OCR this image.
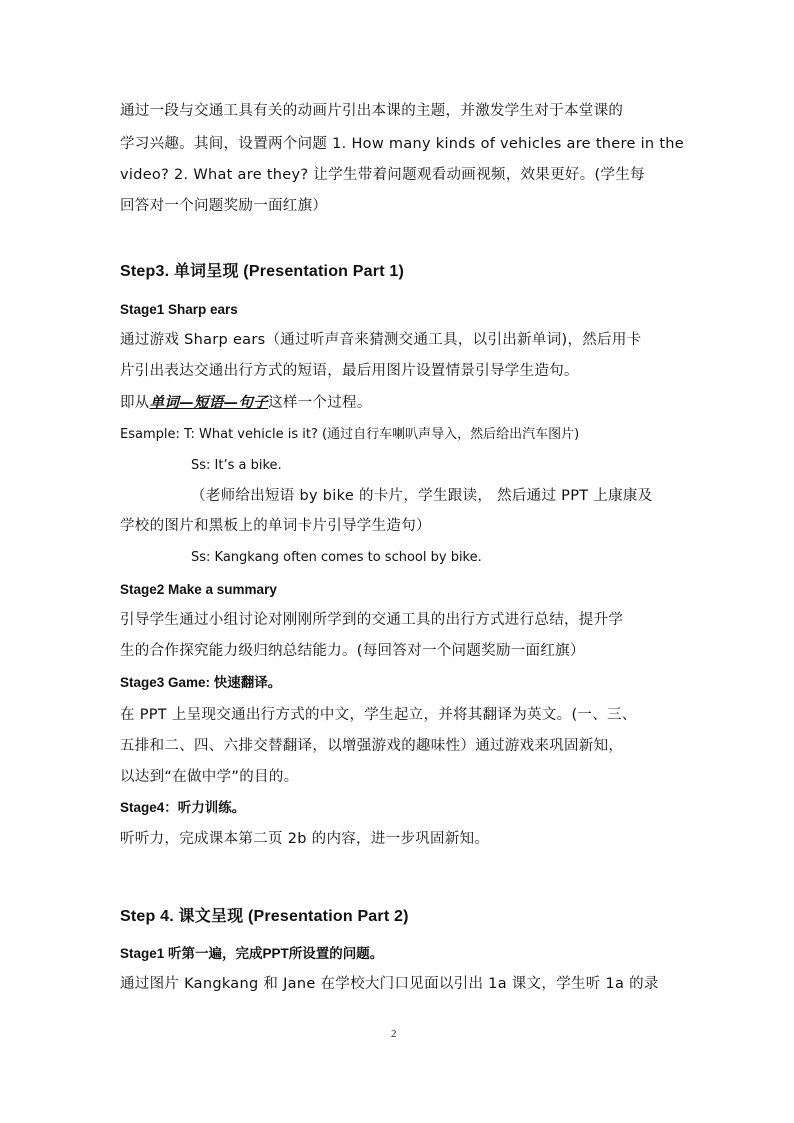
通过一段与交通工具有关的动画片引出本课的主题，并激发学生对于本堂课的
学习兴趣。其间，设置两个问题 1. How many kinds of vehicles are there in the
video? 2. What are they? 让学生带着问题观看动画视频，效果更好。(学生每
回答对一个问题奖励一面红旗）
Step3. 单词呈现 (Presentation Part 1)
Stage1 Sharp ears
通过游戏 Sharp ears（通过听声音来猜测交通工具，以引出新单词)，然后用卡
片引出表达交通出行方式的短语，最后用图片设置情景引导学生造句。
即从单词—短语—句子这样一个过程。
Esample: T: What vehicle is it? (通过自行车喇叭声导入，然后给出汽车图片)
Ss: It’s a bike.
（老师给出短语 by bike 的卡片，学生跟读， 然后通过 PPT 上康康及
学校的图片和黑板上的单词卡片引导学生造句）
Ss: Kangkang often comes to school by bike.
Stage2 Make a summary
引导学生通过小组讨论对刚刚所学到的交通工具的出行方式进行总结，提升学
生的合作探究能力级归纳总结能力。(每回答对一个问题奖励一面红旗）
Stage3 Game: 快速翻译。
在 PPT 上呈现交通出行方式的中文，学生起立，并将其翻译为英文。(一、三、
五排和二、四、六排交替翻译，以增强游戏的趣味性）通过游戏来巩固新知，
以达到“在做中学”的目的。
Stage4：听力训练。
听听力，完成课本第二页 2b 的内容，进一步巩固新知。
Step 4. 课文呈现 (Presentation Part 2)
Stage1 听第一遍，完成PPT所设置的问题。
通过图片 Kangkang 和 Jane 在学校大门口见面以引出 1a 课文，学生听 1a 的录
2
